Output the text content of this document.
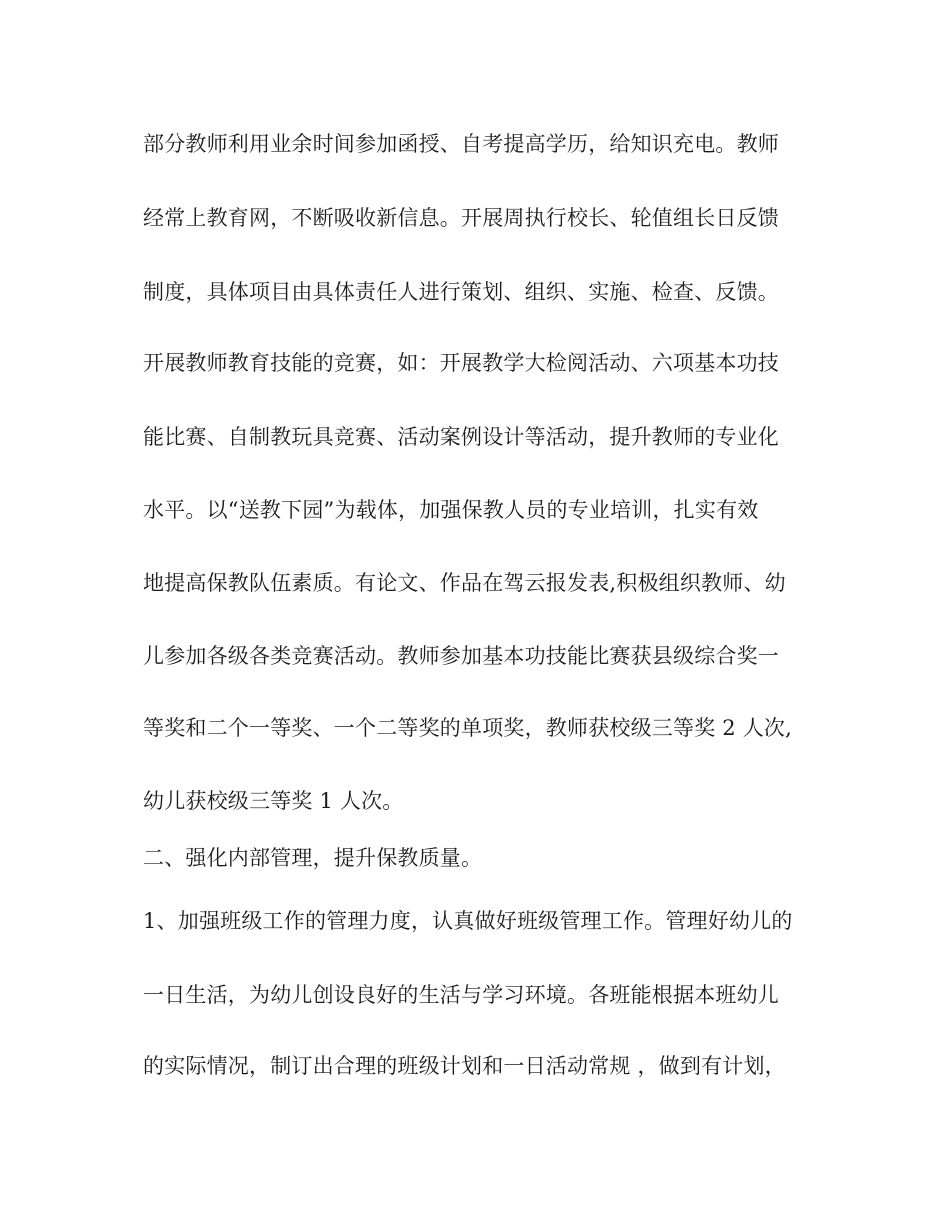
部分教师利用业余时间参加函授、自考提高学历，给知识充电。教师
经常上教育网，不断吸收新信息。开展周执行校长、轮值组长日反馈
制度，具体项目由具体责任人进行策划、组织、实施、检查、反馈。
开展教师教育技能的竞赛，如：开展教学大检阅活动、六项基本功技
能比赛、自制教玩具竞赛、活动案例设计等活动，提升教师的专业化
水平。以“送教下园”为载体，加强保教人员的专业培训，扎实有效
地提高保教队伍素质。有论文、作品在驾云报发表,积极组织教师、幼
儿参加各级各类竞赛活动。教师参加基本功技能比赛获县级综合奖一
等奖和二个一等奖、一个二等奖的单项奖，教师获校级三等奖 2 人次,
幼儿获校级三等奖 1 人次。
二、强化内部管理，提升保教质量。
1、加强班级工作的管理力度，认真做好班级管理工作。管理好幼儿的
一日生活，为幼儿创设良好的生活与学习环境。各班能根据本班幼儿
的实际情况，制订出合理的班级计划和一日活动常规 ，做到有计划，
